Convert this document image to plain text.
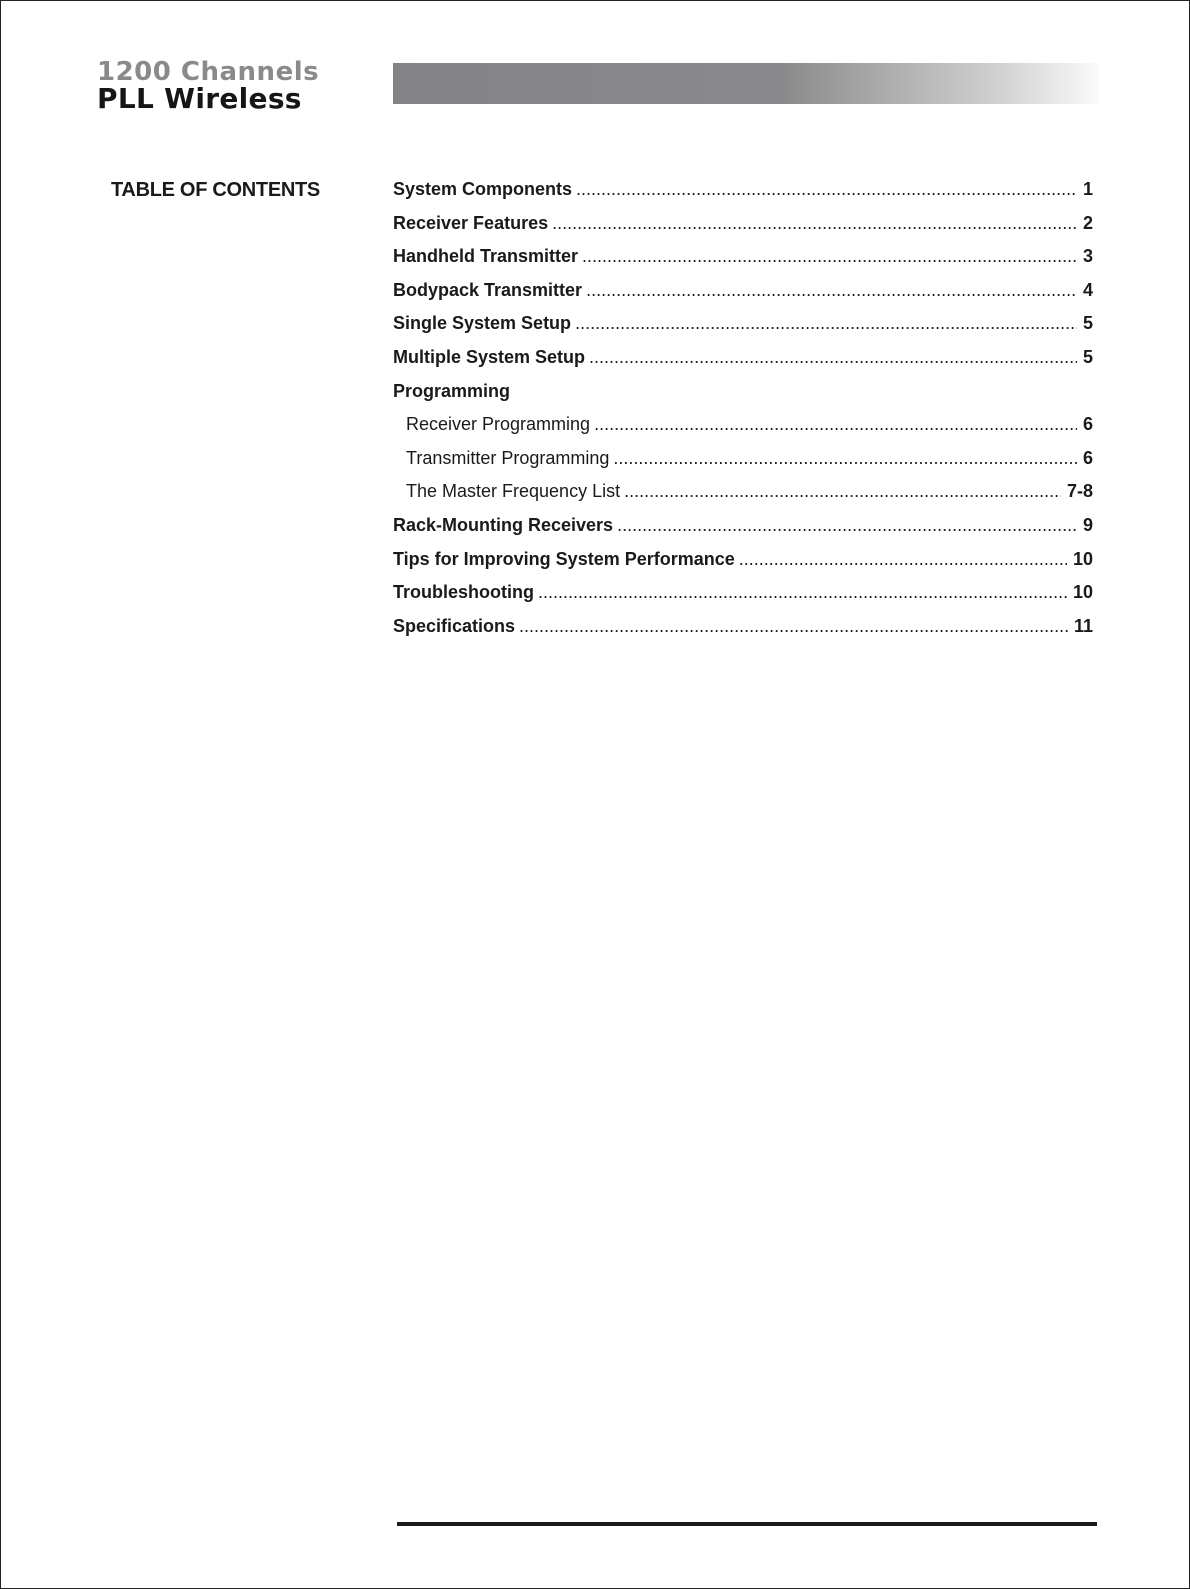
1200 Channels
PLL Wireless
TABLE OF CONTENTS	System Components .....	1
Receiver Features .....	2
Handheld Transmitter .....	3
Bodypack Transmitter .....	4
Single System Setup .....	5
Multiple System Setup .....	5
Programming
Receiver Programming .....	6
Transmitter Programming .....	6
The Master Frequency List .....	7-8
Rack-Mounting Receivers .....	9
Tips for Improving System Performance .....	10
Troubleshooting .....	10
Specifications .....	11
